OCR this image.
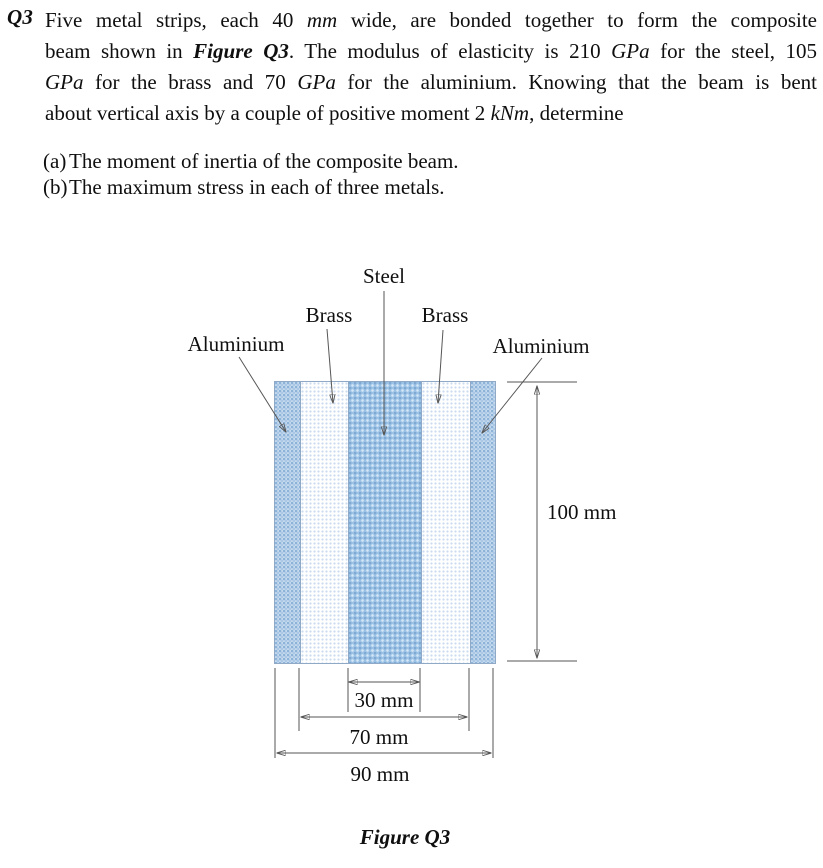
Q3 Five metal strips, each 40 mm wide, are bonded together to form the composite
beam shown in Figure Q3. The modulus of elasticity is 210 GPa for the steel, 105
GPa for the brass and 70 GPa for the aluminium. Knowing that the beam is bent
about vertical axis by a couple of positive moment 2 kNm, determine
(a) The moment of inertia of the composite beam.
(b)The maximum stress in each of three metals.
Steel
Brass	Brass
Aluminium	Aluminium
100 mm
30 mm
70 mm
90 mm
Figure Q3
